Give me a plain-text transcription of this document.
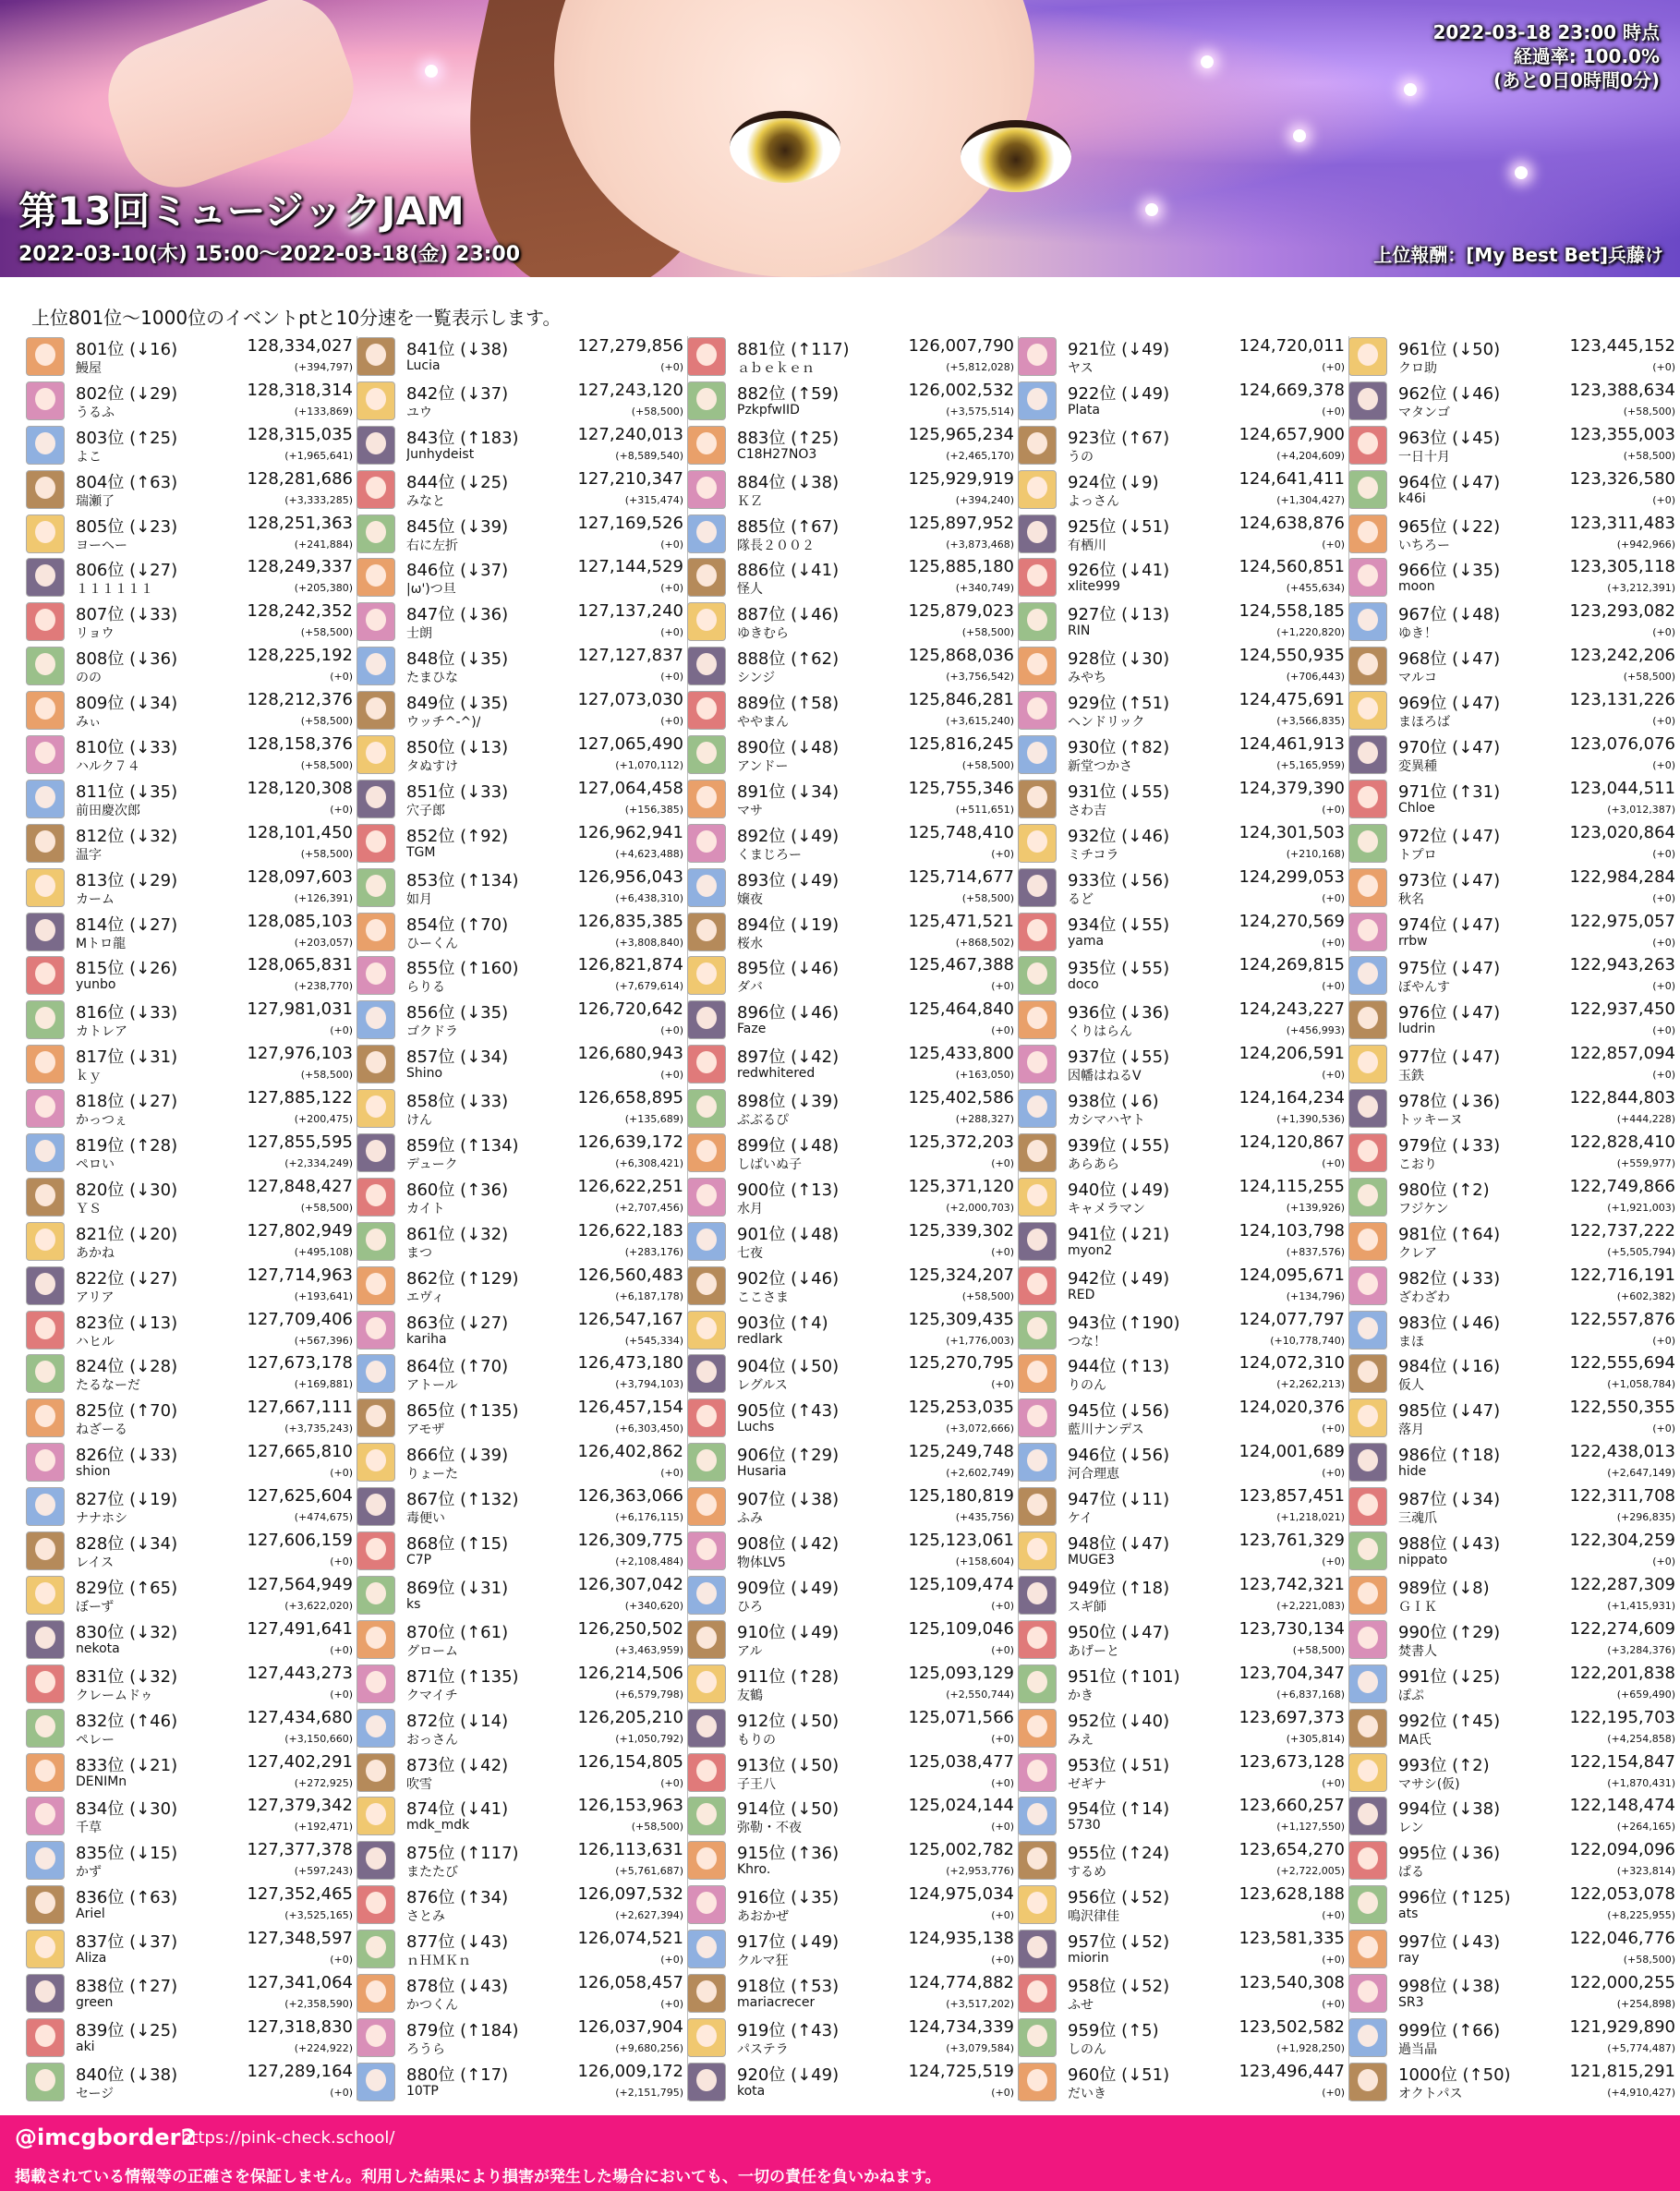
2022-03-18 23:00 時点
経過率: 100.0%
(あと0日0時間0分)
第13回ミュージックJAM
2022-03-10(木) 15:00～2022-03-18(金) 23:00	上位報酬：[My Best Bet]兵藤け
上位801位～1000位のイベントptと10分速を一覧表示します。
801位 (↓16)	128,334,027
鰻屋	(+394,797)
802位 (↓29)	128,318,314
うるふ	(+133,869)
803位 (↑25)	128,315,035
よこ	(+1,965,641)
804位 (↑63)	128,281,686
瑞瀬了	(+3,333,285)
805位 (↓23)	128,251,363
ヨーヘー	(+241,884)
806位 (↓27)	128,249,337
１１１１１１	(+205,380)
807位 (↓33)	128,242,352
リョウ	(+58,500)
808位 (↓36)	128,225,192
のの	(+0)
809位 (↓34)	128,212,376
みぃ	(+58,500)
810位 (↓33)	128,158,376
ハルク７４	(+58,500)
811位 (↓35)	128,120,308
前田慶次郎	(+0)
812位 (↓32)	128,101,450
温字	(+58,500)
813位 (↓29)	128,097,603
カーム	(+126,391)
814位 (↓27)	128,085,103
Mトロ龍	(+203,057)
815位 (↓26)	128,065,831
yunbo	(+238,770)
816位 (↓33)	127,981,031
カトレア	(+0)
817位 (↓31)	127,976,103
ｋｙ	(+58,500)
818位 (↓27)	127,885,122
かっつぇ	(+200,475)
819位 (↑28)	127,855,595
ペロい	(+2,334,249)
820位 (↓30)	127,848,427
ＹＳ	(+58,500)
821位 (↓20)	127,802,949
あかね	(+495,108)
822位 (↓27)	127,714,963
アリア	(+193,641)
823位 (↓13)	127,709,406
ハヒル	(+567,396)
824位 (↓28)	127,673,178
たるなーだ	(+169,881)
825位 (↑70)	127,667,111
ねざーる	(+3,735,243)
826位 (↓33)	127,665,810
shion	(+0)
827位 (↓19)	127,625,604
ナナホシ	(+474,675)
828位 (↓34)	127,606,159
レイス	(+0)
829位 (↑65)	127,564,949
ぼーず	(+3,622,020)
830位 (↓32)	127,491,641
nekota	(+0)
831位 (↓32)	127,443,273
クレームドゥ	(+0)
832位 (↑46)	127,434,680
ペレー	(+3,150,660)
833位 (↓21)	127,402,291
DENIMn	(+272,925)
834位 (↓30)	127,379,342
千草	(+192,471)
835位 (↓15)	127,377,378
かず	(+597,243)
836位 (↑63)	127,352,465
Ariel	(+3,525,165)
837位 (↓37)	127,348,597
Aliza	(+0)
838位 (↑27)	127,341,064
green	(+2,358,590)
839位 (↓25)	127,318,830
aki	(+224,922)
840位 (↓38)	127,289,164
セージ	(+0)
841位 (↓38)	127,279,856
Lucia	(+0)
842位 (↓37)	127,243,120
ユウ	(+58,500)
843位 (↑183)	127,240,013
Junhydeist	(+8,589,540)
844位 (↓25)	127,210,347
みなと	(+315,474)
845位 (↓39)	127,169,526
右に左折	(+0)
846位 (↓37)	127,144,529
|ω')つ旦	(+0)
847位 (↓36)	127,137,240
士朗	(+0)
848位 (↓35)	127,127,837
たまひな	(+0)
849位 (↓35)	127,073,030
ウッチ^-^)/	(+0)
850位 (↓13)	127,065,490
タぬすけ	(+1,070,112)
851位 (↓33)	127,064,458
穴子郎	(+156,385)
852位 (↑92)	126,962,941
TGM	(+4,623,488)
853位 (↑134)	126,956,043
如月	(+6,438,310)
854位 (↑70)	126,835,385
ひーくん	(+3,808,840)
855位 (↑160)	126,821,874
らりる	(+7,679,614)
856位 (↓35)	126,720,642
ゴクドラ	(+0)
857位 (↓34)	126,680,943
Shino	(+0)
858位 (↓33)	126,658,895
けん	(+135,689)
859位 (↑134)	126,639,172
デューク	(+6,308,421)
860位 (↑36)	126,622,251
カイト	(+2,707,456)
861位 (↓32)	126,622,183
まつ	(+283,176)
862位 (↑129)	126,560,483
エヴィ	(+6,187,178)
863位 (↓27)	126,547,167
kariha	(+545,334)
864位 (↑70)	126,473,180
アトール	(+3,794,103)
865位 (↑135)	126,457,154
アモザ	(+6,303,450)
866位 (↓39)	126,402,862
りょーた	(+0)
867位 (↑132)	126,363,066
毒便い	(+6,176,115)
868位 (↑15)	126,309,775
C7P	(+2,108,484)
869位 (↓31)	126,307,042
ks	(+340,620)
870位 (↑61)	126,250,502
グローム	(+3,463,959)
871位 (↑135)	126,214,506
クマイチ	(+6,579,798)
872位 (↓14)	126,205,210
おっさん	(+1,050,792)
873位 (↓42)	126,154,805
吹雪	(+0)
874位 (↓41)	126,153,963
mdk_mdk	(+58,500)
875位 (↑117)	126,113,631
またたび	(+5,761,687)
876位 (↑34)	126,097,532
さとみ	(+2,627,394)
877位 (↓43)	126,074,521
ｎＨＭＫｎ	(+0)
878位 (↓43)	126,058,457
かつくん	(+0)
879位 (↑184)	126,037,904
ろうら	(+9,680,256)
880位 (↑17)	126,009,172
10TP	(+2,151,795)
881位 (↑117)	126,007,790
ａｂｅｋｅｎ	(+5,812,028)
882位 (↑59)	126,002,532
PzkpfwIID	(+3,575,514)
883位 (↑25)	125,965,234
C18H27NO3	(+2,465,170)
884位 (↓38)	125,929,919
ＫＺ	(+394,240)
885位 (↑67)	125,897,952
隊長２００２	(+3,873,468)
886位 (↓41)	125,885,180
怪人	(+340,749)
887位 (↓46)	125,879,023
ゆきむら	(+58,500)
888位 (↑62)	125,868,036
シンジ	(+3,756,542)
889位 (↑58)	125,846,281
ややまん	(+3,615,240)
890位 (↓48)	125,816,245
アンドー	(+58,500)
891位 (↓34)	125,755,346
マサ	(+511,651)
892位 (↓49)	125,748,410
くまじろー	(+0)
893位 (↓49)	125,714,677
嬢夜	(+58,500)
894位 (↓19)	125,471,521
桜水	(+868,502)
895位 (↓46)	125,467,388
ダバ	(+0)
896位 (↓46)	125,464,840
Faze	(+0)
897位 (↓42)	125,433,800
redwhitered	(+163,050)
898位 (↓39)	125,402,586
ぶぶるぴ	(+288,327)
899位 (↓48)	125,372,203
しばいぬ子	(+0)
900位 (↑13)	125,371,120
水月	(+2,000,703)
901位 (↓48)	125,339,302
七夜	(+0)
902位 (↓46)	125,324,207
ここさま	(+58,500)
903位 (↑4)	125,309,435
redlark	(+1,776,003)
904位 (↓50)	125,270,795
レグルス	(+0)
905位 (↑43)	125,253,035
Luchs	(+3,072,666)
906位 (↑29)	125,249,748
Husaria	(+2,602,749)
907位 (↓38)	125,180,819
ふみ	(+435,756)
908位 (↓42)	125,123,061
物体LV5	(+158,604)
909位 (↓49)	125,109,474
ひろ	(+0)
910位 (↓49)	125,109,046
アル	(+0)
911位 (↑28)	125,093,129
友鶴	(+2,550,744)
912位 (↓50)	125,071,566
もりの	(+0)
913位 (↓50)	125,038,477
子王八	(+0)
914位 (↓50)	125,024,144
弥勒・不夜	(+0)
915位 (↑36)	125,002,782
Khro.	(+2,953,776)
916位 (↓35)	124,975,034
あおかぜ	(+0)
917位 (↓49)	124,935,138
クルマ狂	(+0)
918位 (↑53)	124,774,882
mariacrecer	(+3,517,202)
919位 (↑43)	124,734,339
パステラ	(+3,079,584)
920位 (↓49)	124,725,519
kota	(+0)
921位 (↓49)	124,720,011
ヤス	(+0)
922位 (↓49)	124,669,378
Plata	(+0)
923位 (↑67)	124,657,900
うの	(+4,204,609)
924位 (↓9)	124,641,411
よっさん	(+1,304,427)
925位 (↓51)	124,638,876
有栖川	(+0)
926位 (↓41)	124,560,851
xlite999	(+455,634)
927位 (↓13)	124,558,185
RIN	(+1,220,820)
928位 (↓30)	124,550,935
みやち	(+706,443)
929位 (↑51)	124,475,691
ヘンドリック	(+3,566,835)
930位 (↑82)	124,461,913
新堂つかさ	(+5,165,959)
931位 (↓55)	124,379,390
さわ吉	(+0)
932位 (↓46)	124,301,503
ミチコラ	(+210,168)
933位 (↓56)	124,299,053
るど	(+0)
934位 (↓55)	124,270,569
yama	(+0)
935位 (↓55)	124,269,815
doco	(+0)
936位 (↓36)	124,243,227
くりはらん	(+456,993)
937位 (↓55)	124,206,591
因幡はねるV	(+0)
938位 (↓6)	124,164,234
カシマハヤト	(+1,390,536)
939位 (↓55)	124,120,867
あらあら	(+0)
940位 (↓49)	124,115,255
キャメラマン	(+139,926)
941位 (↓21)	124,103,798
myon2	(+837,576)
942位 (↓49)	124,095,671
RED	(+134,796)
943位 (↑190)	124,077,797
つな！	(+10,778,740)
944位 (↑13)	124,072,310
りのん	(+2,262,213)
945位 (↓56)	124,020,376
藍川ナンデス	(+0)
946位 (↓56)	124,001,689
河合理恵	(+0)
947位 (↓11)	123,857,451
ケイ	(+1,218,021)
948位 (↓47)	123,761,329
MUGE3	(+0)
949位 (↑18)	123,742,321
スギ師	(+2,221,083)
950位 (↓47)	123,730,134
あげーと	(+58,500)
951位 (↑101)	123,704,347
かき	(+6,837,168)
952位 (↓40)	123,697,373
みえ	(+305,814)
953位 (↓51)	123,673,128
ゼギナ	(+0)
954位 (↑14)	123,660,257
5730	(+1,127,550)
955位 (↑24)	123,654,270
するめ	(+2,722,005)
956位 (↓52)	123,628,188
鳴沢律佳	(+0)
957位 (↓52)	123,581,335
miorin	(+0)
958位 (↓52)	123,540,308
ふせ	(+0)
959位 (↑5)	123,502,582
しのん	(+1,928,250)
960位 (↓51)	123,496,447
だいき	(+0)
961位 (↓50)	123,445,152
クロ助	(+0)
962位 (↓46)	123,388,634
マタンゴ	(+58,500)
963位 (↓45)	123,355,003
一日十月	(+58,500)
964位 (↓47)	123,326,580
k46i	(+0)
965位 (↓22)	123,311,483
いちろー	(+942,966)
966位 (↓35)	123,305,118
moon	(+3,212,391)
967位 (↓48)	123,293,082
ゆき！	(+0)
968位 (↓47)	123,242,206
マルコ	(+58,500)
969位 (↓47)	123,131,226
まほろば	(+0)
970位 (↓47)	123,076,076
変異種	(+0)
971位 (↑31)	123,044,511
Chloe	(+3,012,387)
972位 (↓47)	123,020,864
トプロ	(+0)
973位 (↓47)	122,984,284
秋名	(+0)
974位 (↓47)	122,975,057
rrbw	(+0)
975位 (↓47)	122,943,263
ぼやんす	(+0)
976位 (↓47)	122,937,450
ludrin	(+0)
977位 (↓47)	122,857,094
玉鉄	(+0)
978位 (↓36)	122,844,803
トッキーヌ	(+444,228)
979位 (↓33)	122,828,410
こおり	(+559,977)
980位 (↑2)	122,749,866
フジケン	(+1,921,003)
981位 (↑64)	122,737,222
クレア	(+5,505,794)
982位 (↓33)	122,716,191
ざわざわ	(+602,382)
983位 (↓46)	122,557,876
まほ	(+0)
984位 (↓16)	122,555,694
仮人	(+1,058,784)
985位 (↓47)	122,550,355
落月	(+0)
986位 (↑18)	122,438,013
hide	(+2,647,149)
987位 (↓34)	122,311,708
三魂爪	(+296,835)
988位 (↓43)	122,304,259
nippato	(+0)
989位 (↓8)	122,287,309
ＧＩＫ	(+1,415,931)
990位 (↑29)	122,274,609
焚書人	(+3,284,376)
991位 (↓25)	122,201,838
ぽぷ	(+659,490)
992位 (↑45)	122,195,703
MA氏	(+4,254,858)
993位 (↑2)	122,154,847
マサシ(仮)	(+1,870,431)
994位 (↓38)	122,148,474
レン	(+264,165)
995位 (↓36)	122,094,096
ぱる	(+323,814)
996位 (↑125)	122,053,078
ats	(+8,225,955)
997位 (↓43)	122,046,776
ray	(+58,500)
998位 (↓38)	122,000,255
SR3	(+254,898)
999位 (↑66)	121,929,890
過当晶	(+5,774,487)
1000位 (↑50)	121,815,291
オクトパス	(+4,910,427)
@imcgborder2
https://pink-check.school/
掲載されている情報等の正確さを保証しません。利用した結果により損害が発生した場合においても、一切の責任を負いかねます。
